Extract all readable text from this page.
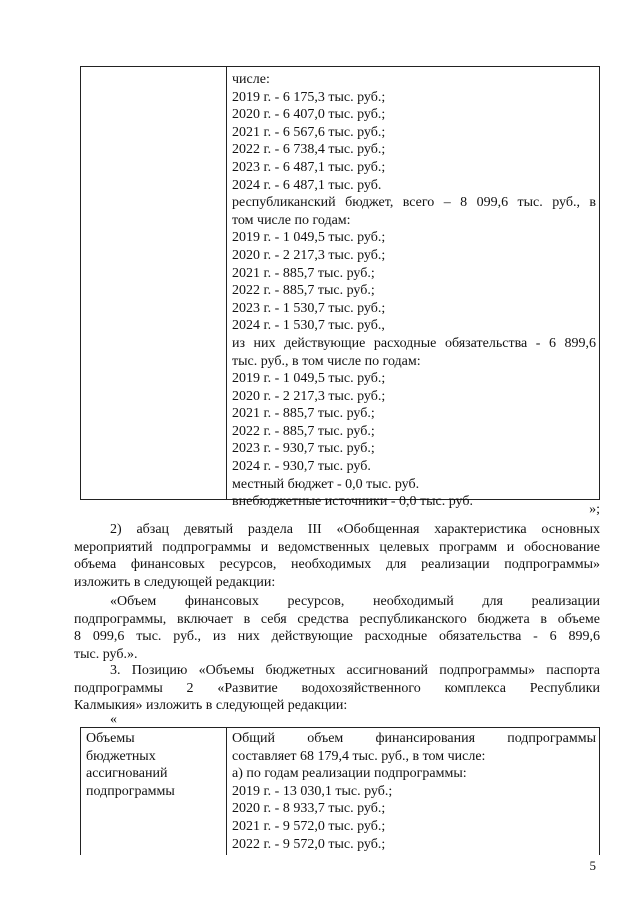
числе:
2019 г. - 6 175,3 тыс. руб.;
2020 г. - 6 407,0 тыс. руб.;
2021 г. - 6 567,6 тыс. руб.;
2022 г. - 6 738,4 тыс. руб.;
2023 г. - 6 487,1 тыс. руб.;
2024 г. - 6 487,1 тыс. руб.
республиканский бюджет, всего – 8 099,6 тыс. руб., в
том числе по годам:
2019 г. - 1 049,5 тыс. руб.;
2020 г. - 2 217,3 тыс. руб.;
2021 г. - 885,7 тыс. руб.;
2022 г. - 885,7 тыс. руб.;
2023 г. - 1 530,7 тыс. руб.;
2024 г. - 1 530,7 тыс. руб.,
из них действующие расходные обязательства - 6 899,6
тыс. руб., в том числе по годам:
2019 г. - 1 049,5 тыс. руб.;
2020 г. - 2 217,3 тыс. руб.;
2021 г. - 885,7 тыс. руб.;
2022 г. - 885,7 тыс. руб.;
2023 г. - 930,7 тыс. руб.;
2024 г. - 930,7 тыс. руб.
местный бюджет - 0,0 тыс. руб.
внебюджетные источники - 0,0 тыс. руб.
»;
2) абзац девятый раздела III «Обобщенная характеристика основных
мероприятий подпрограммы и ведомственных целевых программ и обоснование
объема финансовых ресурсов, необходимых для реализации подпрограммы»
изложить в следующей редакции:
«Объем финансовых ресурсов, необходимый для реализации
подпрограммы, включает в себя средства республиканского бюджета в объеме
8 099,6 тыс. руб., из них действующие расходные обязательства - 6 899,6
тыс. руб.».
3. Позицию «Объемы бюджетных ассигнований подпрограммы» паспорта
подпрограммы 2 «Развитие водохозяйственного комплекса Республики
Калмыкия» изложить в следующей редакции:
«
Объемы
бюджетных
ассигнований
подпрограммы
Общий объем финансирования подпрограммы
составляет 68 179,4 тыс. руб., в том числе:
а) по годам реализации подпрограммы:
2019 г. - 13 030,1 тыс. руб.;
2020 г. - 8 933,7 тыс. руб.;
2021 г. - 9 572,0 тыс. руб.;
2022 г. - 9 572,0 тыс. руб.;
5
